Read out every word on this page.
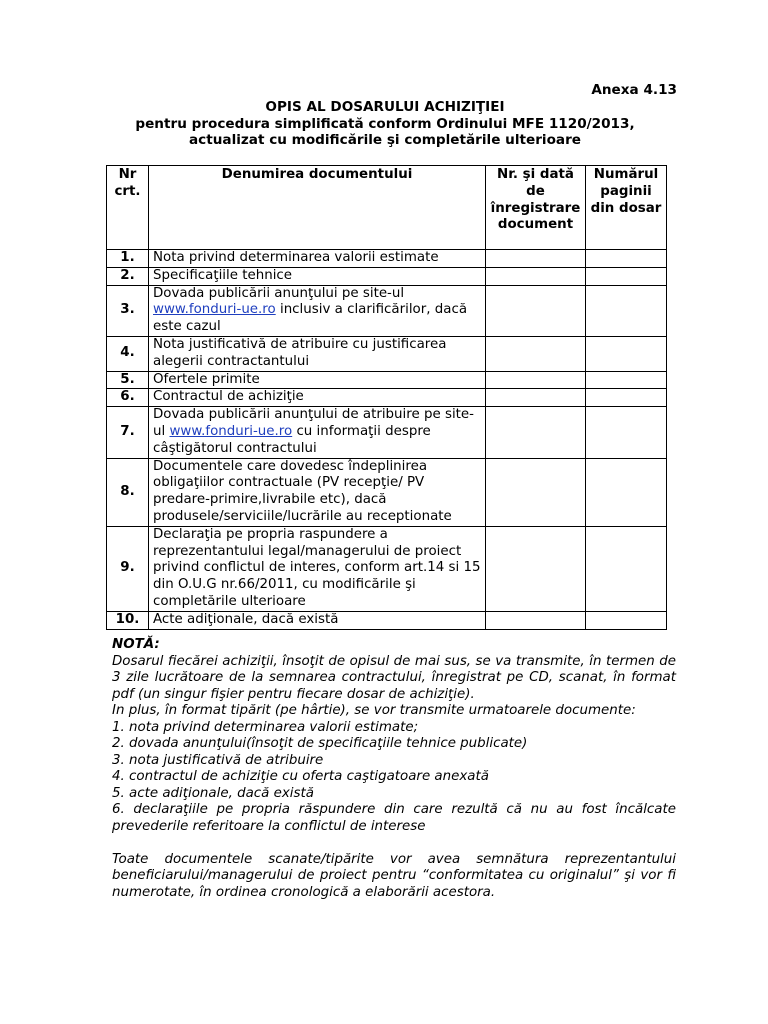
Anexa 4.13
OPIS AL DOSARULUI ACHIZIŢIEI
pentru procedura simplificată conform Ordinului MFE 1120/2013,
actualizat cu modificările şi completările ulterioare
Nr crt.	Denumirea documentului	Nr. şi dată de înregistrare document	Numărul paginii din dosar
1.	Nota privind determinarea valorii estimate		
2.	Specificaţiile tehnice		
3.	Dovada publicării anunţului pe site-ul www.fonduri-ue.ro inclusiv a clarificărilor, dacă este cazul		
4.	Nota justificativă de atribuire cu justificarea alegerii contractantului		
5.	Ofertele primite		
6.	Contractul de achiziţie		
7.	Dovada publicării anunţului de atribuire pe site-ul www.fonduri-ue.ro cu informaţii despre câştigătorul contractului		
8.	Documentele care dovedesc îndeplinirea obligaţiilor contractuale (PV recepţie/ PV predare-primire,livrabile etc), dacă produsele/serviciile/lucrările au receptionate		
9.	Declaraţia pe propria raspundere a reprezentantului legal/managerului de proiect privind conflictul de interes, conform art.14 si 15 din O.U.G nr.66/2011, cu modificările şi completările ulterioare		
10.	Acte adiţionale, dacă există		

NOTĂ:

Dosarul fiecărei achiziţii, însoţit de opisul de mai sus, se va transmite, în termen de 3 zile lucrătoare de la semnarea contractului, înregistrat pe CD, scanat, în format pdf (un singur fişier pentru fiecare dosar de achiziţie).

In plus, în format tipărit (pe hârtie), se vor transmite urmatoarele documente:

1. nota privind determinarea valorii estimate;

2. dovada anunţului(însoţit de specificaţiile tehnice publicate)

3. nota justificativă de atribuire

4. contractul de achiziţie cu oferta caştigatoare anexată

5. acte adiţionale, dacă există

6. declaraţiile pe propria răspundere din care rezultă că nu au fost încălcate prevederile referitoare la conflictul de interese

Toate documentele scanate/tipărite vor avea semnătura reprezentantului beneficiarului/managerului de proiect pentru “conformitatea cu originalul” şi vor fi numerotate, în ordinea cronologică a elaborării acestora.
